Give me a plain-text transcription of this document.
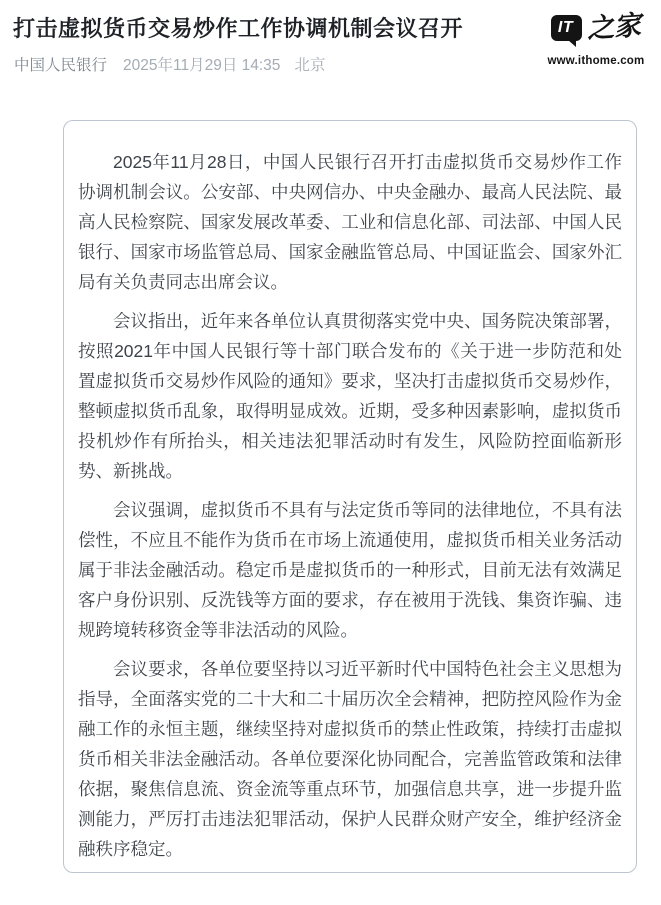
打击虚拟货币交易炒作工作协调机制会议召开
中国人民银行 2025年11月29日 14:35 北京
IT 之家
www.ithome.com

2025年11月28日，中国人民银行召开打击虚拟货币交易炒作工作协调机制会议。公安部、中央网信办、中央金融办、最高人民法院、最高人民检察院、国家发展改革委、工业和信息化部、司法部、中国人民银行、国家市场监管总局、国家金融监管总局、中国证监会、国家外汇局有关负责同志出席会议。

会议指出，近年来各单位认真贯彻落实党中央、国务院决策部署，按照2021年中国人民银行等十部门联合发布的《关于进一步防范和处置虚拟货币交易炒作风险的通知》要求，坚决打击虚拟货币交易炒作，整顿虚拟货币乱象，取得明显成效。近期，受多种因素影响，虚拟货币投机炒作有所抬头，相关违法犯罪活动时有发生，风险防控面临新形势、新挑战。

会议强调，虚拟货币不具有与法定货币等同的法律地位，不具有法偿性，不应且不能作为货币在市场上流通使用，虚拟货币相关业务活动属于非法金融活动。稳定币是虚拟货币的一种形式，目前无法有效满足客户身份识别、反洗钱等方面的要求，存在被用于洗钱、集资诈骗、违规跨境转移资金等非法活动的风险。

会议要求，各单位要坚持以习近平新时代中国特色社会主义思想为指导，全面落实党的二十大和二十届历次全会精神，把防控风险作为金融工作的永恒主题，继续坚持对虚拟货币的禁止性政策，持续打击虚拟货币相关非法金融活动。各单位要深化协同配合，完善监管政策和法律依据，聚焦信息流、资金流等重点环节，加强信息共享，进一步提升监测能力，严厉打击违法犯罪活动，保护人民群众财产安全，维护经济金融秩序稳定。
